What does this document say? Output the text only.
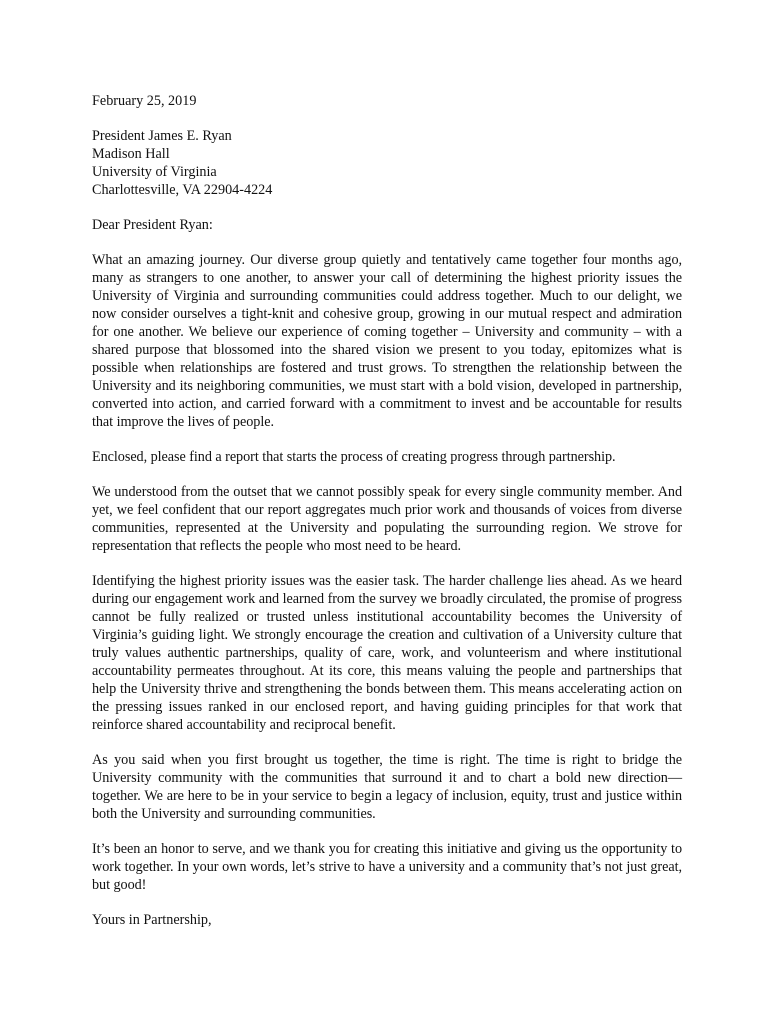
February 25, 2019
President James E. Ryan
Madison Hall
University of Virginia
Charlottesville, VA 22904-4224
Dear President Ryan:

What an amazing journey. Our diverse group quietly and tentatively came together four months ago, many as strangers to one another, to answer your call of determining the highest priority issues the University of Virginia and surrounding communities could address together. Much to our delight, we now consider ourselves a tight-knit and cohesive group, growing in our mutual respect and admiration for one another. We believe our experience of coming together – University and community – with a shared purpose that blossomed into the shared vision we present to you today, epitomizes what is possible when relationships are fostered and trust grows. To strengthen the relationship between the University and its neighboring communities, we must start with a bold vision, developed in partnership, converted into action, and carried forward with a commitment to invest and be accountable for results that improve the lives of people.

Enclosed, please find a report that starts the process of creating progress through partnership.

We understood from the outset that we cannot possibly speak for every single community member. And yet, we feel confident that our report aggregates much prior work and thousands of voices from diverse communities, represented at the University and populating the surrounding region. We strove for representation that reflects the people who most need to be heard.

Identifying the highest priority issues was the easier task. The harder challenge lies ahead. As we heard during our engagement work and learned from the survey we broadly circulated, the promise of progress cannot be fully realized or trusted unless institutional accountability becomes the University of Virginia’s guiding light. We strongly encourage the creation and cultivation of a University culture that truly values authentic partnerships, quality of care, work, and volunteerism and where institutional accountability permeates throughout. At its core, this means valuing the people and partnerships that help the University thrive and strengthening the bonds between them. This means accelerating action on the pressing issues ranked in our enclosed report, and having guiding principles for that work that reinforce shared accountability and reciprocal benefit.

As you said when you first brought us together, the time is right. The time is right to bridge the University community with the communities that surround it and to chart a bold new direction—together. We are here to be in your service to begin a legacy of inclusion, equity, trust and justice within both the University and surrounding communities.

It’s been an honor to serve, and we thank you for creating this initiative and giving us the opportunity to work together. In your own words, let’s strive to have a university and a community that’s not just great, but good!

Yours in Partnership,
